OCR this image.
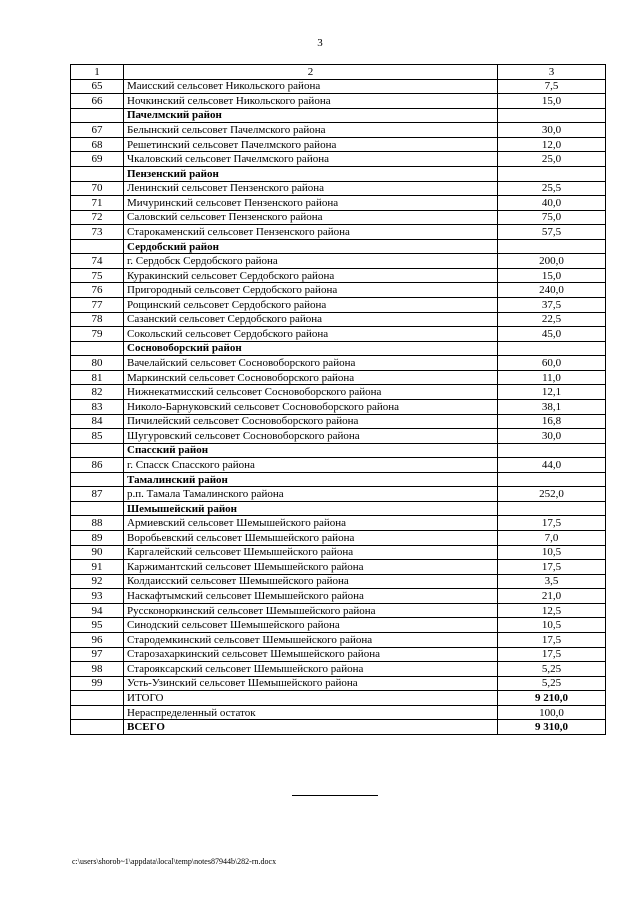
3
1	2	3
65	Маисский сельсовет Никольского района	7,5
66	Ночкинский сельсовет Никольского района	15,0
	Пачелмский район	
67	Белынский сельсовет Пачелмского района	30,0
68	Решетинский сельсовет Пачелмского района	12,0
69	Чкаловский сельсовет Пачелмского района	25,0
	Пензенский район	
70	Ленинский сельсовет Пензенского района	25,5
71	Мичуринский сельсовет Пензенского района	40,0
72	Саловский сельсовет Пензенского района	75,0
73	Старокаменский сельсовет Пензенского района	57,5
	Сердобский район	
74	г. Сердобск Сердобского района	200,0
75	Куракинский сельсовет Сердобского района	15,0
76	Пригородный сельсовет Сердобского района	240,0
77	Рощинский сельсовет Сердобского района	37,5
78	Сазанский сельсовет Сердобского района	22,5
79	Сокольский сельсовет Сердобского района	45,0
	Сосновоборский район	
80	Вачелайский сельсовет Сосновоборского района	60,0
81	Маркинский сельсовет Сосновоборского района	11,0
82	Нижнекатмисский сельсовет Сосновоборского района	12,1
83	Николо-Барнуковский сельсовет Сосновоборского района	38,1
84	Пичилейский сельсовет Сосновоборского района	16,8
85	Шугуровский сельсовет Сосновоборского района	30,0
	Спасский район	
86	г. Спасск Спасского района	44,0
	Тамалинский район	
87	р.п. Тамала Тамалинского района	252,0
	Шемышейский район	
88	Армиевский сельсовет Шемышейского района	17,5
89	Воробьевский сельсовет Шемышейского района	7,0
90	Каргалейский сельсовет Шемышейского района	10,5
91	Каржимантский сельсовет Шемышейского района	17,5
92	Колдаисский сельсовет Шемышейского района	3,5
93	Наскафтымский сельсовет Шемышейского района	21,0
94	Руссконоркинский сельсовет Шемышейского района	12,5
95	Синодский сельсовет Шемышейского района	10,5
96	Стародемкинский сельсовет Шемышейского района	17,5
97	Старозахаркинский сельсовет Шемышейского района	17,5
98	Староякcарский сельсовет Шемышейского района	5,25
99	Усть-Узинский сельсовет Шемышейского района	5,25
	ИТОГО	9 210,0
	Нераспределенный остаток	100,0
	ВСЕГО	9 310,0
c:\users\shorob~1\appdata\local\temp\notes87944b\282-rn.docx
